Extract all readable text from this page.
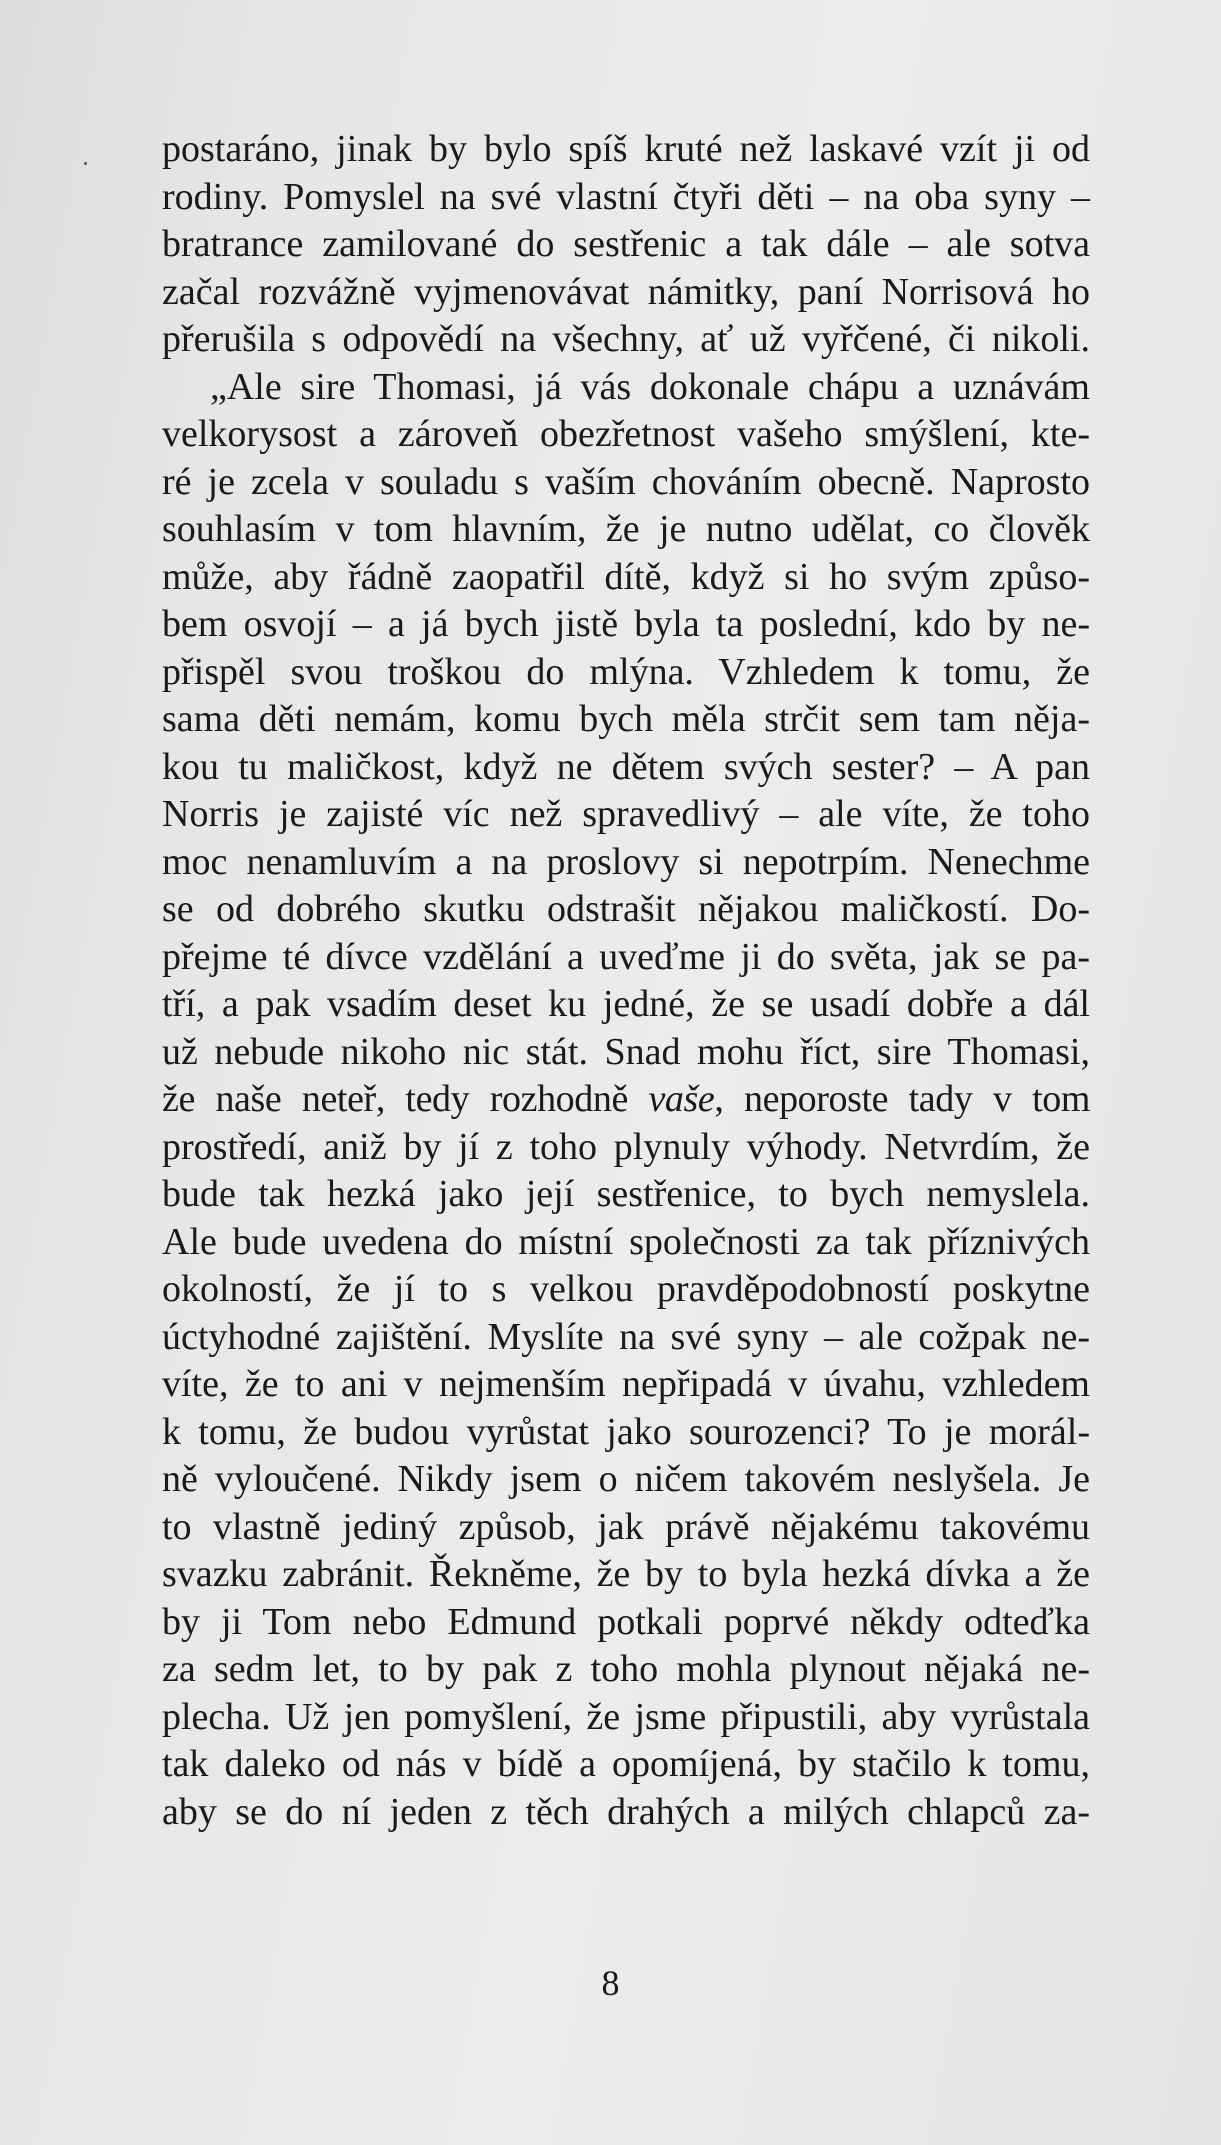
postaráno, jinak by bylo spíš kruté než laskavé vzít ji od
rodiny. Pomyslel na své vlastní čtyři děti – na oba syny –
bratrance zamilované do sestřenic a tak dále – ale sotva
začal rozvážně vyjmenovávat námitky, paní Norrisová ho
přerušila s odpovědí na všechny, ať už vyřčené, či nikoli.
„Ale sire Thomasi, já vás dokonale chápu a uznávám
velkorysost a zároveň obezřetnost vašeho smýšlení, kte-
ré je zcela v souladu s vaším chováním obecně. Naprosto
souhlasím v tom hlavním, že je nutno udělat, co člověk
může, aby řádně zaopatřil dítě, když si ho svým způso-
bem osvojí – a já bych jistě byla ta poslední, kdo by ne-
přispěl svou troškou do mlýna. Vzhledem k tomu, že
sama děti nemám, komu bych měla strčit sem tam něja-
kou tu maličkost, když ne dětem svých sester? – A pan
Norris je zajisté víc než spravedlivý – ale víte, že toho
moc nenamluvím a na proslovy si nepotrpím. Nenechme
se od dobrého skutku odstrašit nějakou maličkostí. Do-
přejme té dívce vzdělání a uveďme ji do světa, jak se pa-
tří, a pak vsadím deset ku jedné, že se usadí dobře a dál
už nebude nikoho nic stát. Snad mohu říct, sire Thomasi,
že naše neteř, tedy rozhodně vaše, neporoste tady v tom
prostředí, aniž by jí z toho plynuly výhody. Netvrdím, že
bude tak hezká jako její sestřenice, to bych nemyslela.
Ale bude uvedena do místní společnosti za tak příznivých
okolností, že jí to s velkou pravděpodobností poskytne
úctyhodné zajištění. Myslíte na své syny – ale cožpak ne-
víte, že to ani v nejmenším nepřipadá v úvahu, vzhledem
k tomu, že budou vyrůstat jako sourozenci? To je morál-
ně vyloučené. Nikdy jsem o ničem takovém neslyšela. Je
to vlastně jediný způsob, jak právě nějakému takovému
svazku zabránit. Řekněme, že by to byla hezká dívka a že
by ji Tom nebo Edmund potkali poprvé někdy odteďka
za sedm let, to by pak z toho mohla plynout nějaká ne-
plecha. Už jen pomyšlení, že jsme připustili, aby vyrůstala
tak daleko od nás v bídě a opomíjená, by stačilo k tomu,
aby se do ní jeden z těch drahých a milých chlapců za-
8
